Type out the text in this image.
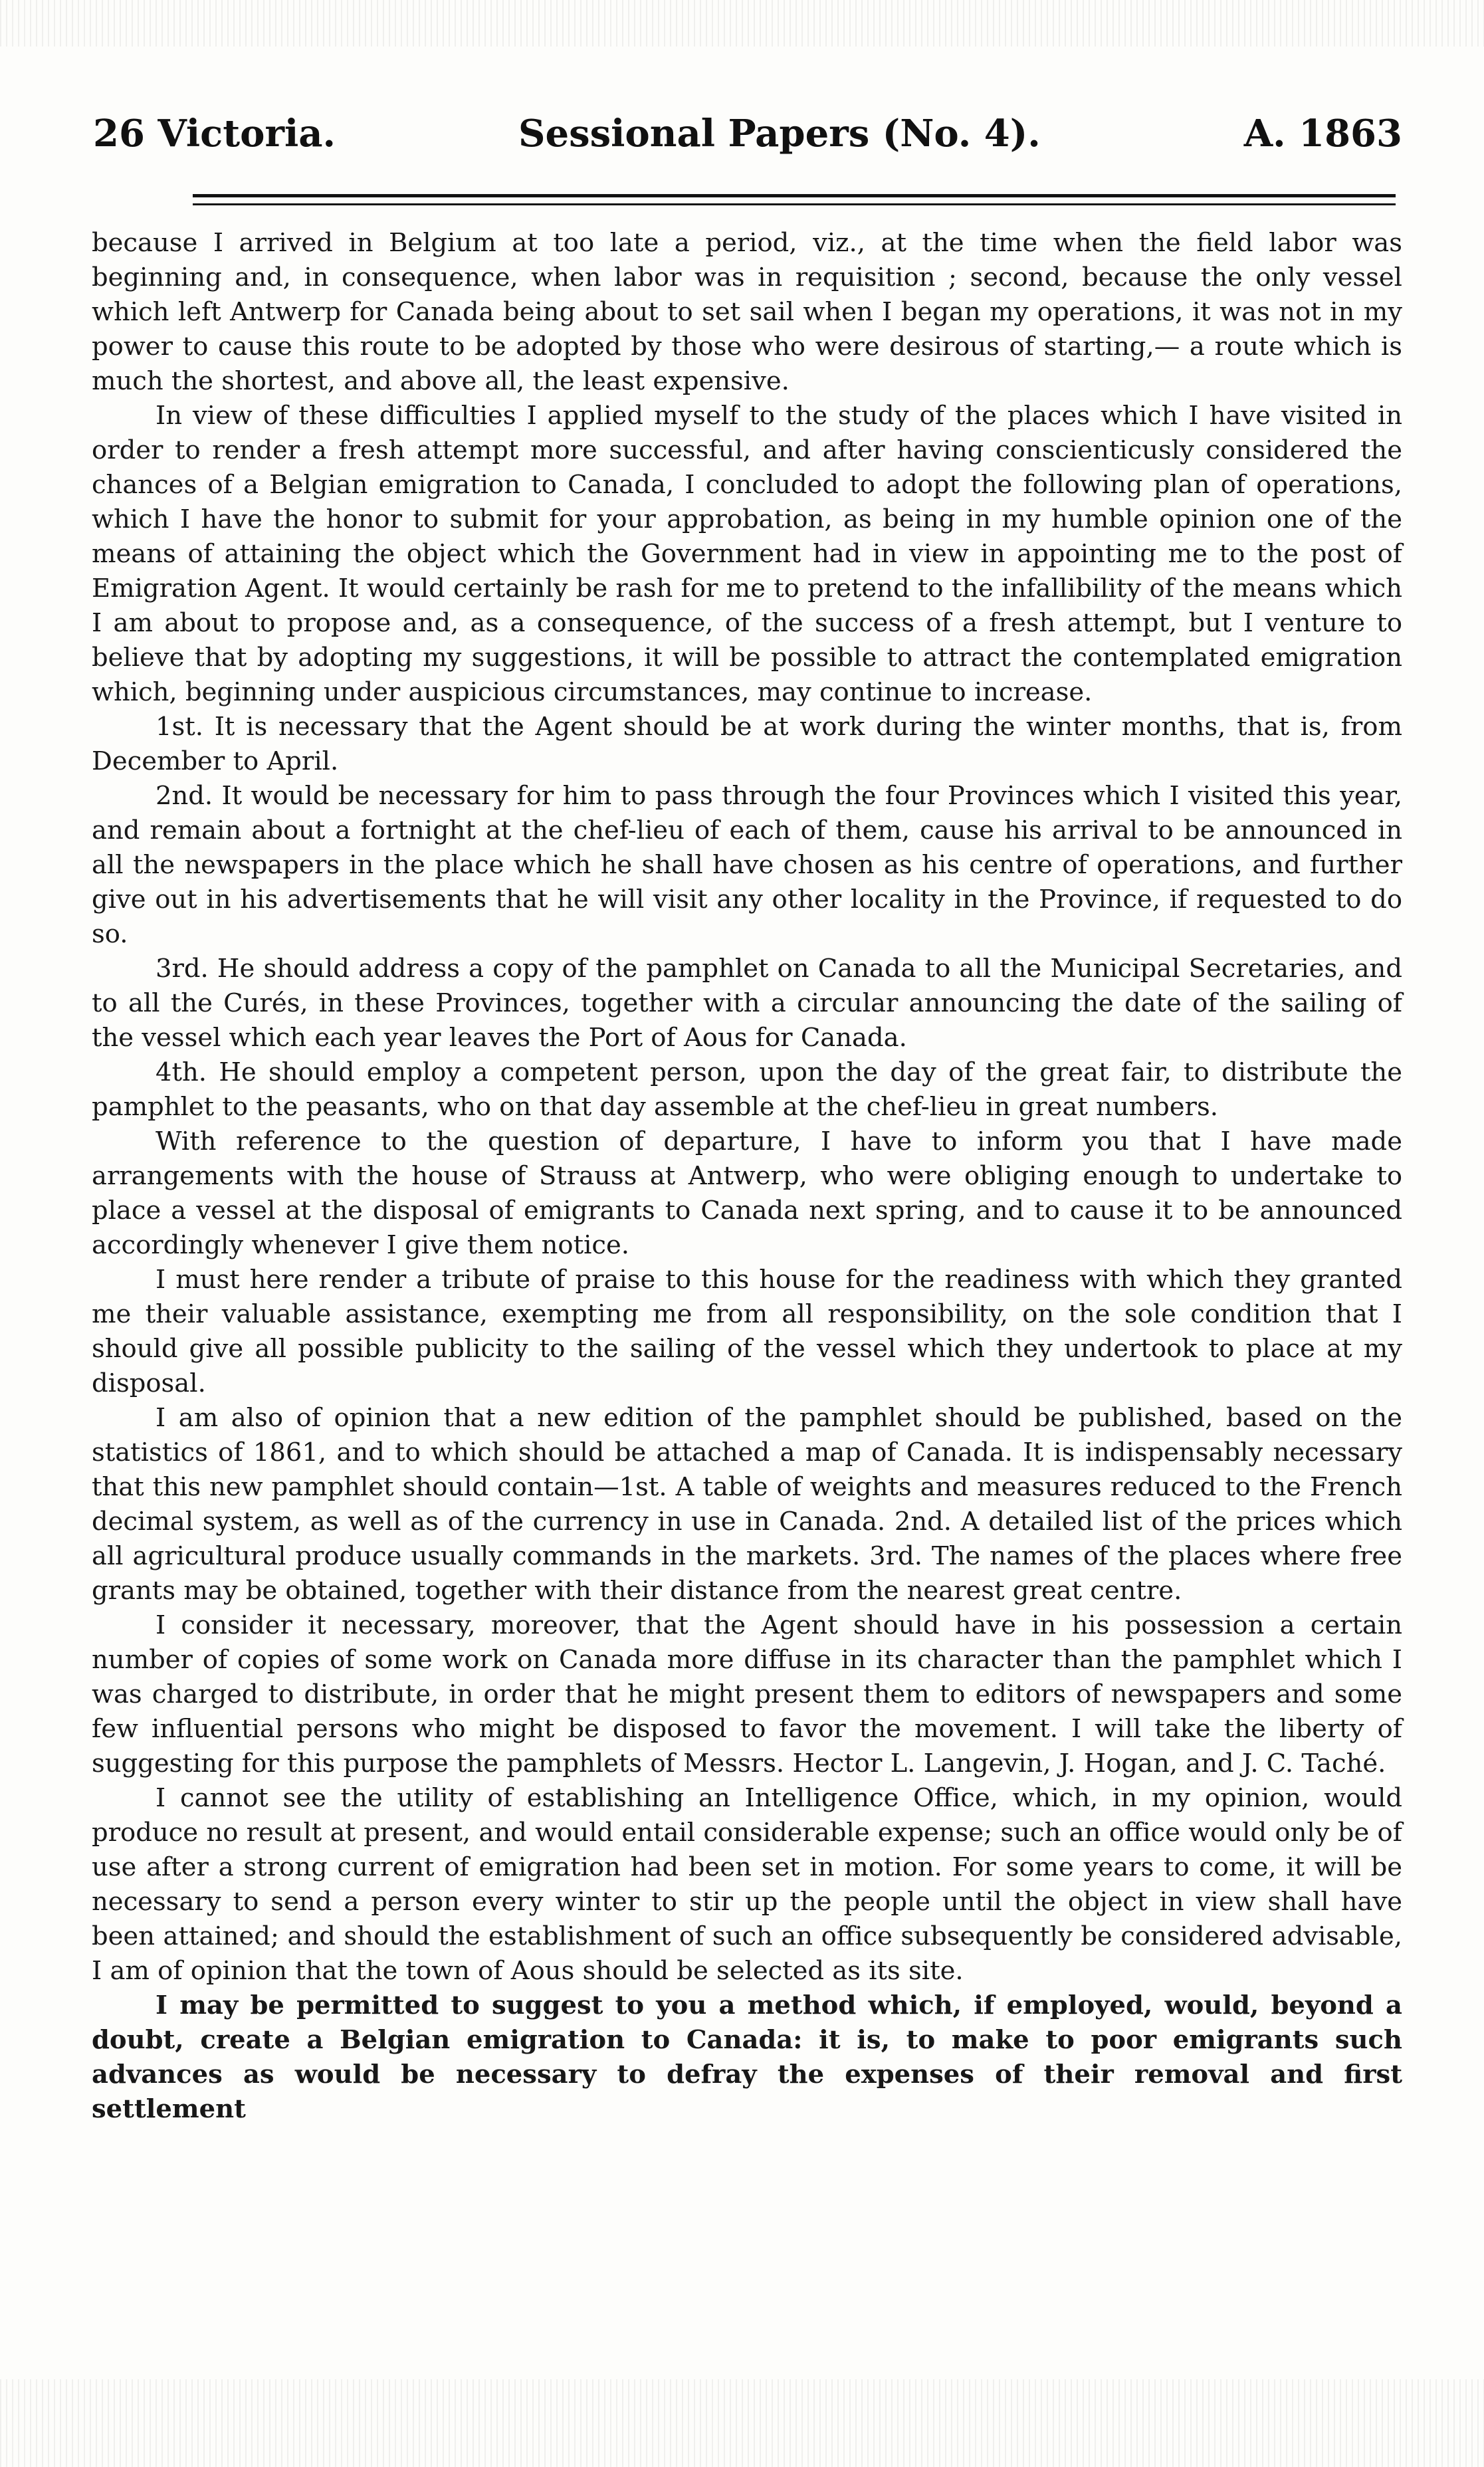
26 Victoria.	Sessional Papers (No. 4).	A. 1863

because I arrived in Belgium at too late a period, viz., at the time when the field labor was beginning and, in consequence, when labor was in requisition ; second, because the only vessel which left Antwerp for Canada being about to set sail when I began my operations, it was not in my power to cause this route to be adopted by those who were desirous of starting,— a route which is much the shortest, and above all, the least expensive.

In view of these difficulties I applied myself to the study of the places which I have visited in order to render a fresh attempt more successful, and after having conscienticusly considered the chances of a Belgian emigration to Canada, I concluded to adopt the following plan of operations, which I have the honor to submit for your approbation, as being in my humble opinion one of the means of attaining the object which the Government had in view in appointing me to the post of Emigration Agent. It would certainly be rash for me to pretend to the infallibility of the means which I am about to propose and, as a consequence, of the success of a fresh attempt, but I venture to believe that by adopting my suggestions, it will be possible to attract the contemplated emigration which, beginning under auspicious circumstances, may continue to increase.

1st. It is necessary that the Agent should be at work during the winter months, that is, from December to April.

2nd. It would be necessary for him to pass through the four Provinces which I visited this year, and remain about a fortnight at the chef-lieu of each of them, cause his arrival to be announced in all the newspapers in the place which he shall have chosen as his centre of operations, and further give out in his advertisements that he will visit any other locality in the Province, if requested to do so.

3rd. He should address a copy of the pamphlet on Canada to all the Municipal Secretaries, and to all the Curés, in these Provinces, together with a circular announcing the date of the sailing of the vessel which each year leaves the Port of Aous for Canada.

4th. He should employ a competent person, upon the day of the great fair, to distribute the pamphlet to the peasants, who on that day assemble at the chef-lieu in great numbers.

With reference to the question of departure, I have to inform you that I have made arrangements with the house of Strauss at Antwerp, who were obliging enough to undertake to place a vessel at the disposal of emigrants to Canada next spring, and to cause it to be announced accordingly whenever I give them notice.

I must here render a tribute of praise to this house for the readiness with which they granted me their valuable assistance, exempting me from all responsibility, on the sole condition that I should give all possible publicity to the sailing of the vessel which they undertook to place at my disposal.

I am also of opinion that a new edition of the pamphlet should be published, based on the statistics of 1861, and to which should be attached a map of Canada. It is indispensably necessary that this new pamphlet should contain—1st. A table of weights and measures reduced to the French decimal system, as well as of the currency in use in Canada. 2nd. A detailed list of the prices which all agricultural produce usually commands in the markets. 3rd. The names of the places where free grants may be obtained, together with their distance from the nearest great centre.

I consider it necessary, moreover, that the Agent should have in his possession a certain number of copies of some work on Canada more diffuse in its character than the pamphlet which I was charged to distribute, in order that he might present them to editors of newspapers and some few influential persons who might be disposed to favor the movement. I will take the liberty of suggesting for this purpose the pamphlets of Messrs. Hector L. Langevin, J. Hogan, and J. C. Taché.

I cannot see the utility of establishing an Intelligence Office, which, in my opinion, would produce no result at present, and would entail considerable expense; such an office would only be of use after a strong current of emigration had been set in motion. For some years to come, it will be necessary to send a person every winter to stir up the people until the object in view shall have been attained; and should the establishment of such an office subsequently be considered advisable, I am of opinion that the town of Aous should be selected as its site.

I may be permitted to suggest to you a method which, if employed, would, beyond a doubt, create a Belgian emigration to Canada: it is, to make to poor emigrants such advances as would be necessary to defray the expenses of their removal and first settlement
